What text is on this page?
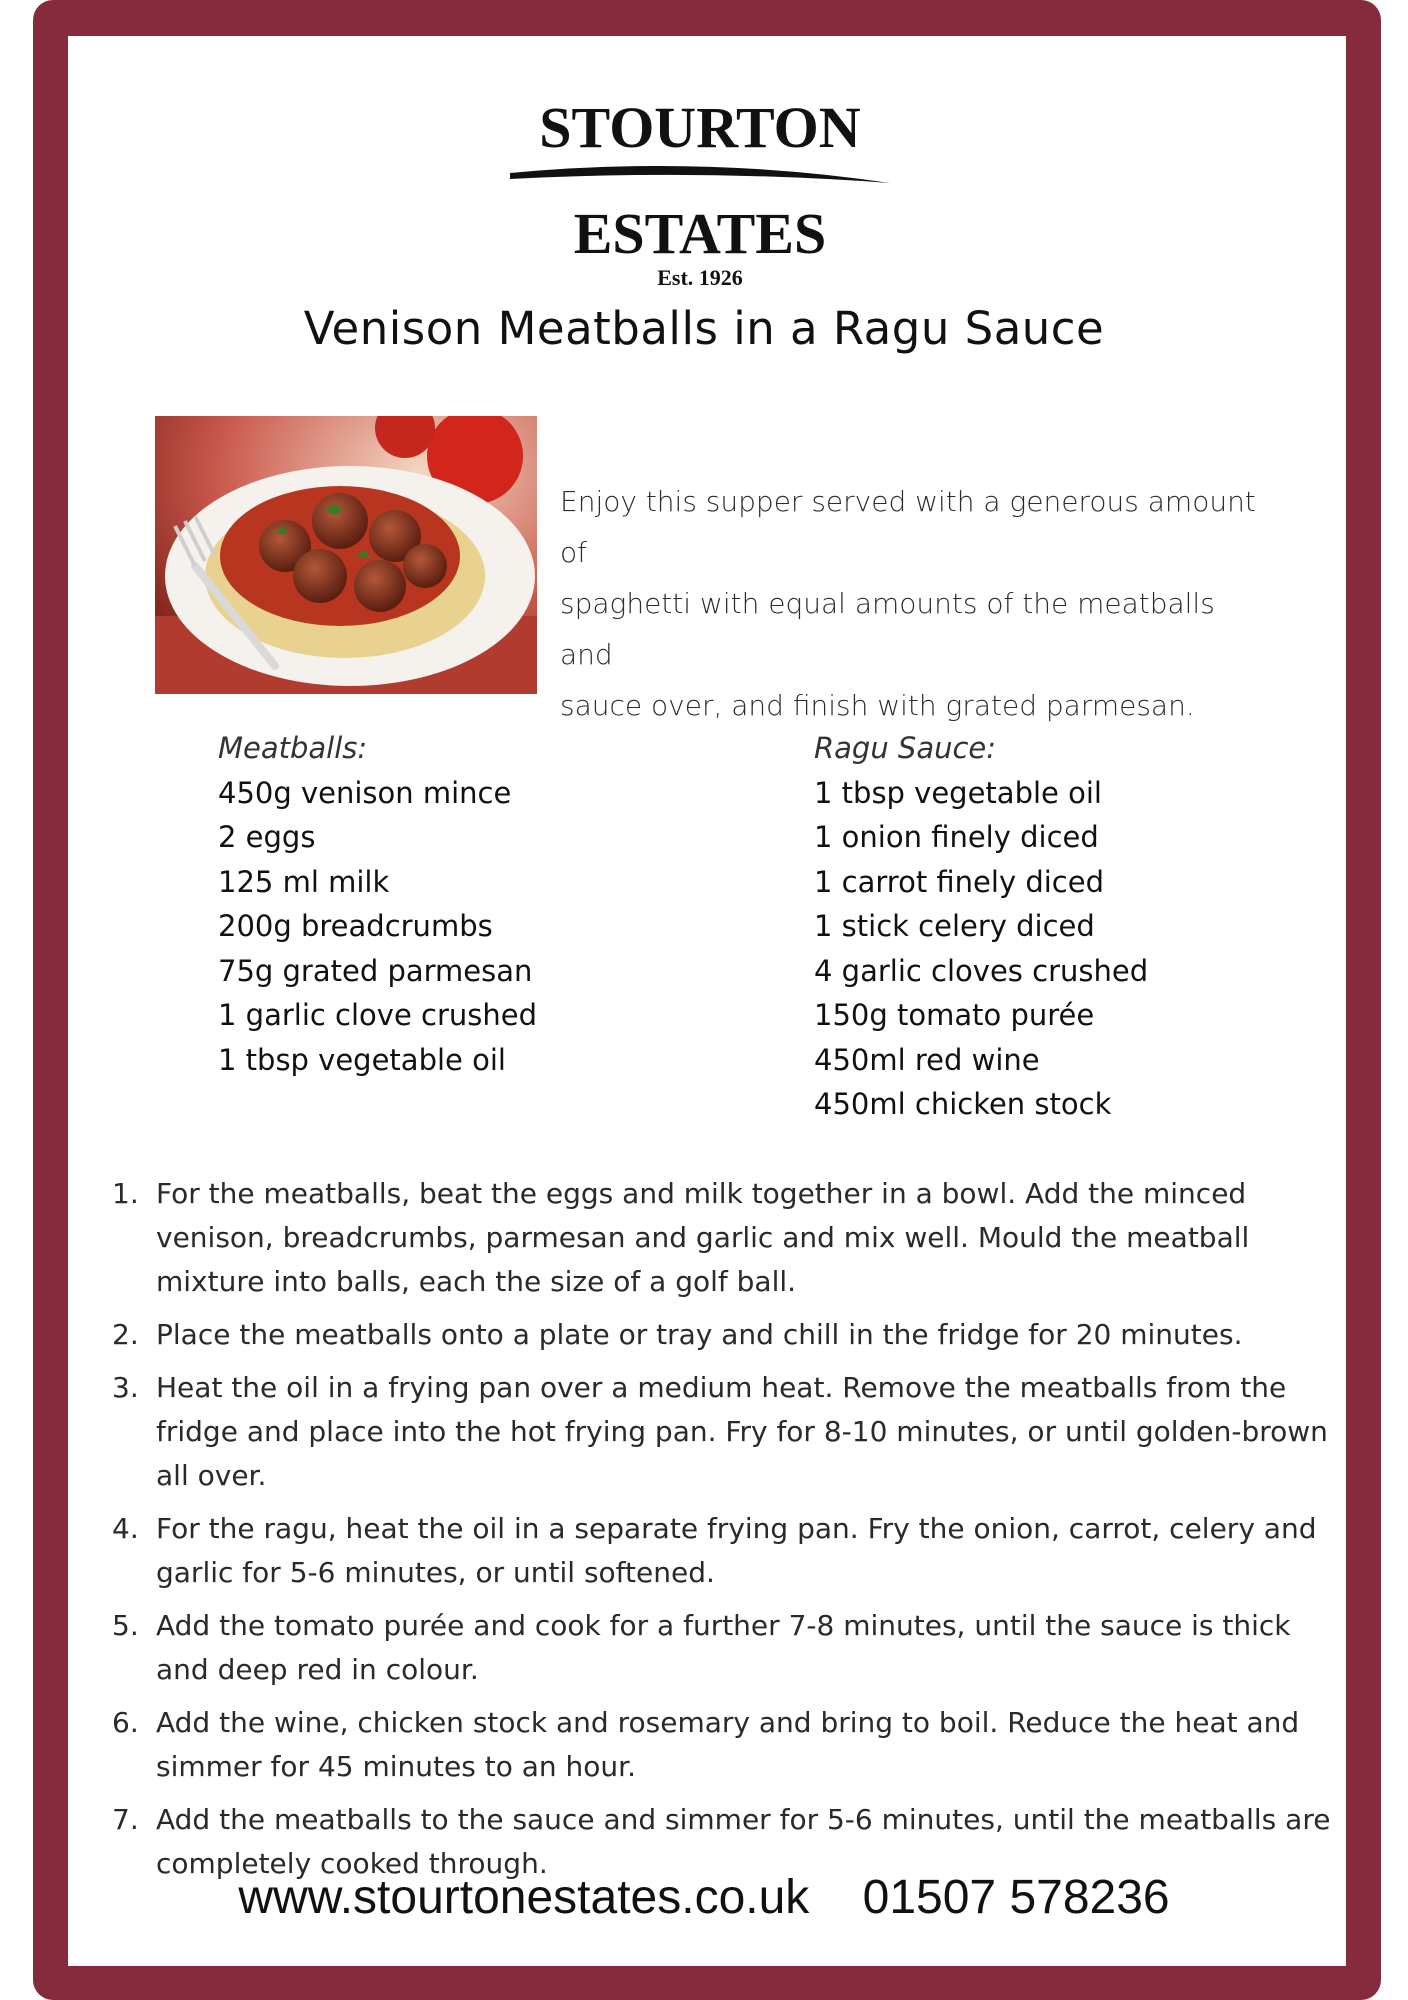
STOURTON
ESTATES
Est. 1926
Venison Meatballs in a Ragu Sauce
Enjoy this supper served with a generous amount of
spaghetti with equal amounts of the meatballs and
sauce over, and finish with grated parmesan.
Meatballs:
450g venison mince
2 eggs
125 ml milk
200g breadcrumbs
75g grated parmesan
1 garlic clove crushed
1 tbsp vegetable oil
Ragu Sauce:
1 tbsp vegetable oil
1 onion finely diced
1 carrot finely diced
1 stick celery diced
4 garlic cloves crushed
150g tomato purée
450ml red wine
450ml chicken stock
1. For the meatballs, beat the eggs and milk together in a bowl. Add the minced venison, breadcrumbs, parmesan and garlic and mix well. Mould the meatball mixture into balls, each the size of a golf ball.
2. Place the meatballs onto a plate or tray and chill in the fridge for 20 minutes.
3. Heat the oil in a frying pan over a medium heat. Remove the meatballs from the fridge and place into the hot frying pan. Fry for 8-10 minutes, or until golden-brown all over.
4. For the ragu, heat the oil in a separate frying pan. Fry the onion, carrot, celery and garlic for 5-6 minutes, or until softened.
5. Add the tomato purée and cook for a further 7-8 minutes, until the sauce is thick and deep red in colour.
6. Add the wine, chicken stock and rosemary and bring to boil. Reduce the heat and simmer for 45 minutes to an hour.
7. Add the meatballs to the sauce and simmer for 5-6 minutes, until the meatballs are completely cooked through.
www.stourtonestates.co.uk 01507 578236
